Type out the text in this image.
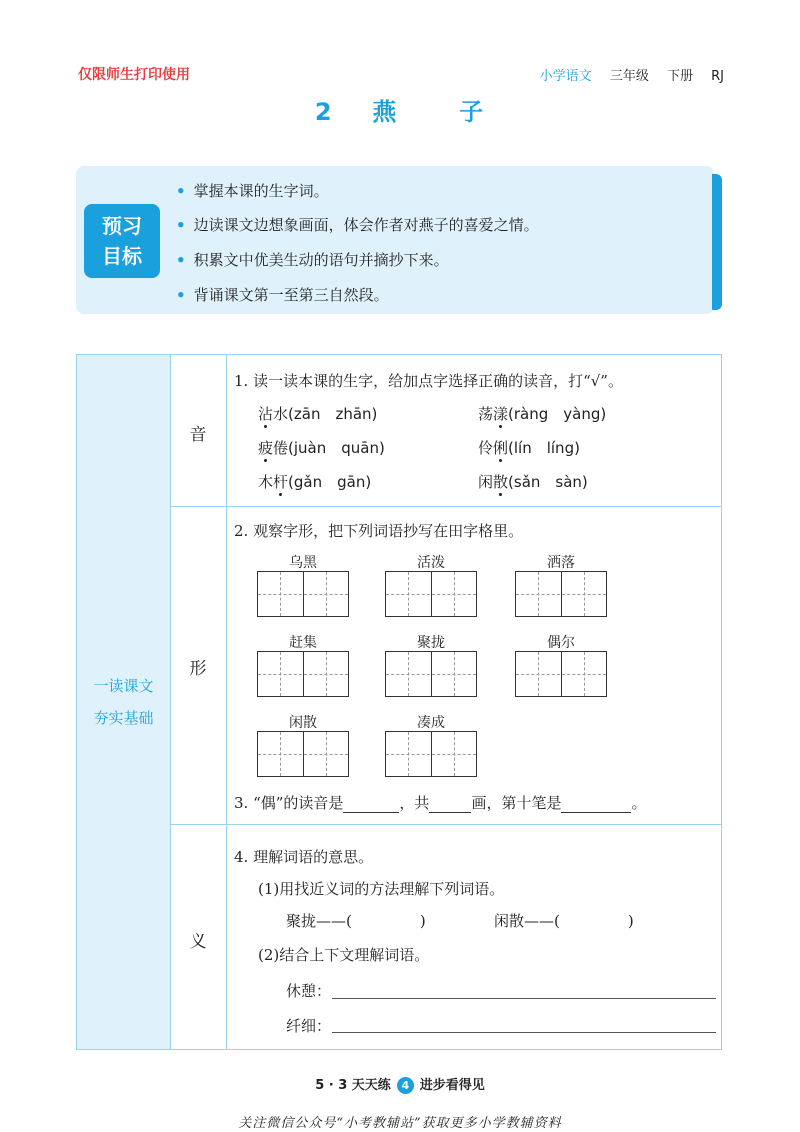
仅限师生打印使用	小学语文 三年级 下册 RJ
2 燕	子
预习
目标
• 掌握本课的生字词。
• 边读课文边想象画面，体会作者对燕子的喜爱之情。
• 积累文中优美生动的语句并摘抄下来。
• 背诵课文第一至第三自然段。
一读课文
夯实基础
音
形
义
1. 读一读本课的生字，给加点字选择正确的读音，打“√”。
沾水(zān　zhān)	荡漾(ràng　yàng)
疲倦(juàn　quān)	伶俐(lín　líng)
木杆(gǎn　gān)	闲散(sǎn　sàn)
2. 观察字形，把下列词语抄写在田字格里。
乌黑	活泼	洒落
赶集	聚拢	偶尔
闲散	凑成
3. “偶”的读音是	，共	画，第十笔是	。
4. 理解词语的意思。
(1)用找近义词的方法理解下列词语。
聚拢——(	)	闲散——(	)
(2)结合上下文理解词语。
休憩：
纤细：
5 · 3 天天练 4 进步看得见
关注微信公众号“小考教辅站”获取更多小学教辅资料
